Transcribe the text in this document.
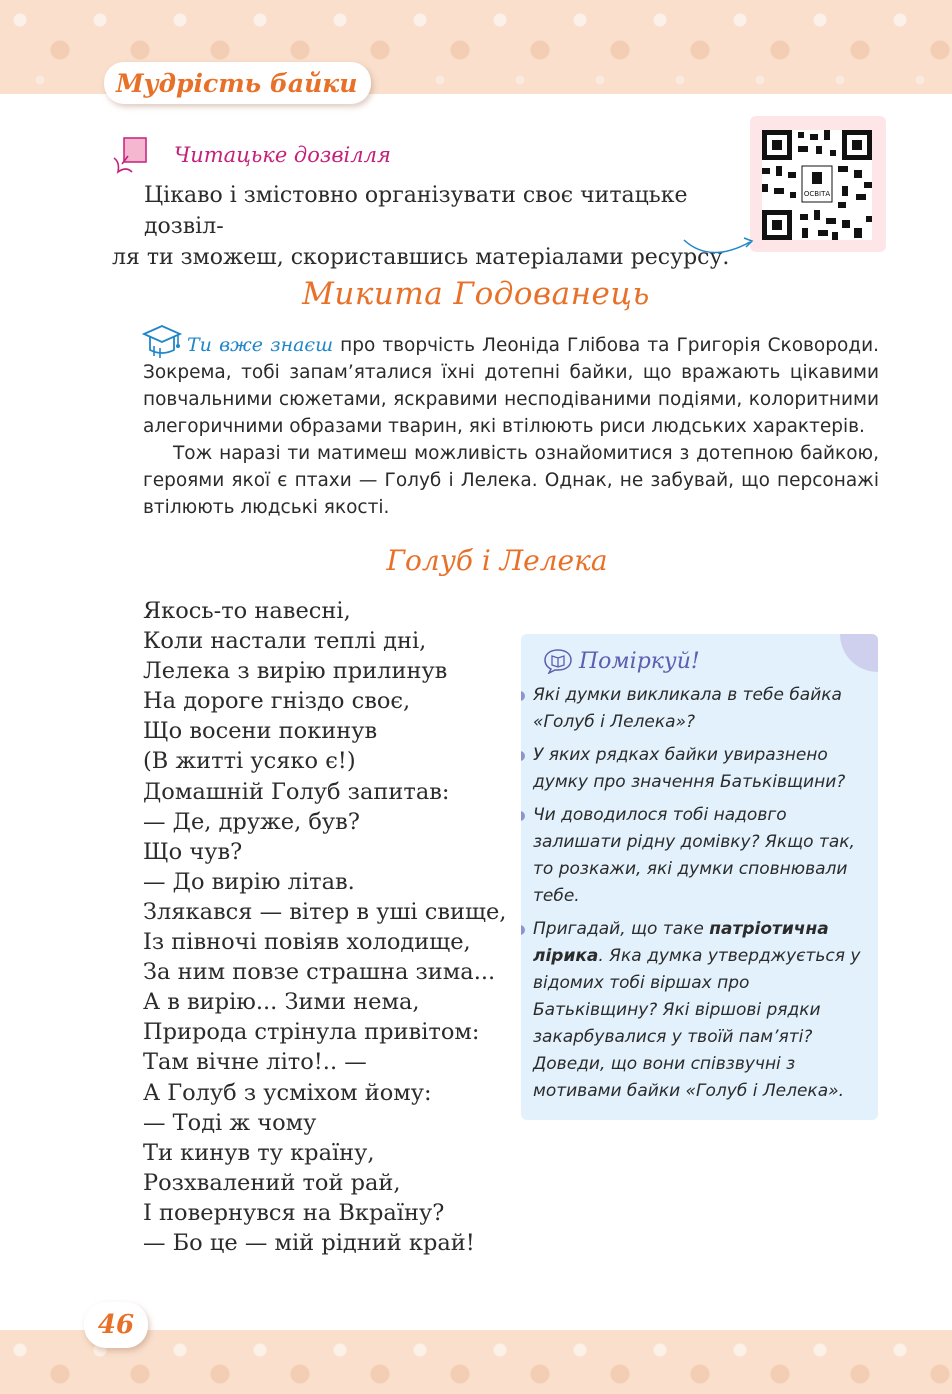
Мудрість байки
Читацьке дозвілля
Цікаво і змістовно організувати своє читацьке дозвіл-
ля ти зможеш, скориставшись матеріалами ресурсу.
ОСВІТА
Микита Годованець

Ти вже знаєш про творчість Леоніда Глібова та Григорія Сковороди. Зокрема, тобі запам’яталися їхні дотепні байки, що вражають цікавими повчальними сюжетами, яскравими несподіваними подіями, колоритними алегоричними образами тварин, які втілюють риси людських характерів.

Тож наразі ти матимеш можливість ознайомитися з дотепною байкою, героями якої є птахи — Голуб і Лелека. Однак, не забувай, що персонажі втілюють людські якості.

Голуб і Лелека
Якось-то навесні,
Коли настали теплі дні,
Лелека з вирію прилинув
На дороге гніздо своє,
Що восени покинув
(В житті усяко є!)
Домашній Голуб запитав:
— Де, друже, був?
Що чув?
— До вирію літав.
Злякався — вітер в уші свище,
Із півночі повіяв холодище,
За ним повзе страшна зима...
А в вирію... Зими нема,
Природа стрінула привітом:
Там вічне літо!.. —
А Голуб з усміхом йому:
— Тоді ж чому
Ти кинув ту країну,
Розхвалений той рай,
І повернувся на Вкраїну?
— Бо це — мій рідний край!
Поміркуй!
Які думки викликала в тебе байка «Голуб і Лелека»?
У яких рядках байки увиразнено думку про значення Батьківщини?
Чи доводилося тобі надовго залишати рідну домівку? Якщо так, то розкажи, які думки сповнювали тебе.
Пригадай, що таке патріотична лірика. Яка думка утверджується у відомих тобі віршах про Батьківщину? Які віршові рядки закарбувалися у твоїй пам’яті? Доведи, що вони співзвучні з мотивами байки «Голуб і Лелека».
46
